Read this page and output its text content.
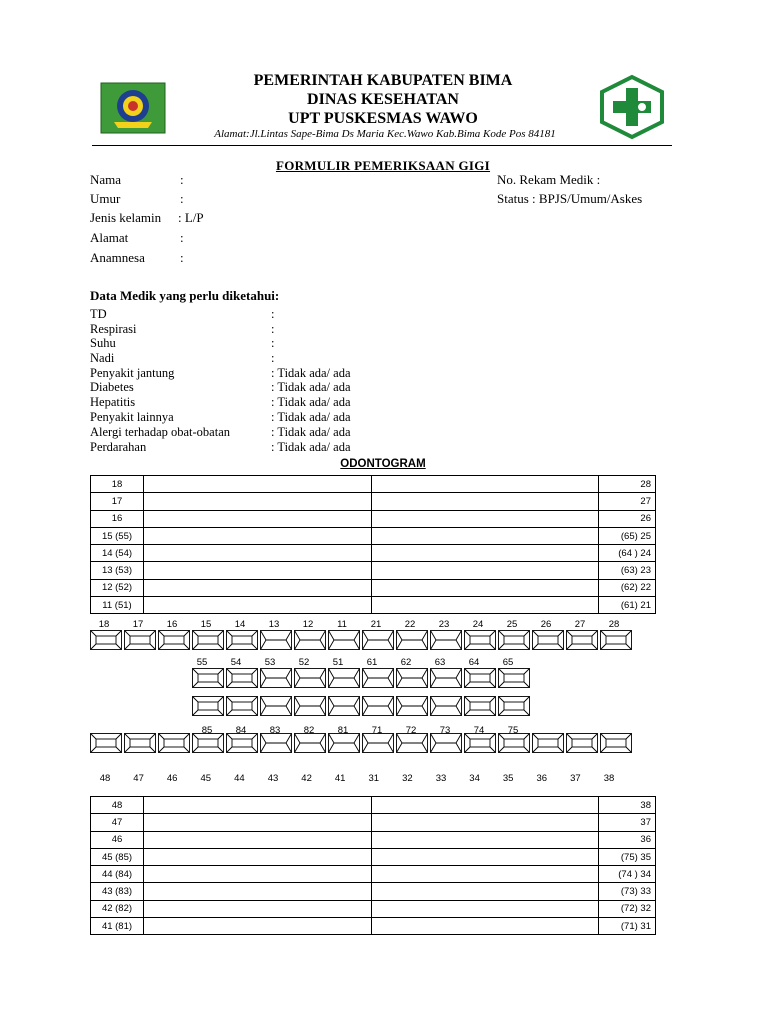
PEMERINTAH KABUPATEN BIMA
DINAS KESEHATAN
UPT PUSKESMAS WAWO
Alamat:Jl.Lintas Sape-Bima Ds Maria Kec.Wawo Kab.Bima Kode Pos 84181
FORMULIR PEMERIKSAAN GIGI
Nama	:
Umur	:
Jenis kelamin : L/P
Alamat	:
Anamnesa	:
No. Rekam Medik :
Status : BPJS/Umum/Askes
Data Medik yang perlu diketahui:
TD	:
Respirasi	:
Suhu	:
Nadi	:
Penyakit jantung	: Tidak ada/ ada
Diabetes	: Tidak ada/ ada
Hepatitis	: Tidak ada/ ada
Penyakit lainnya	: Tidak ada/ ada
Alergi terhadap obat-obatan	: Tidak ada/ ada
Perdarahan	: Tidak ada/ ada
ODONTOGRAM
18			28
17			27
16			26
15 (55)			(65) 25
14 (54)			(64 ) 24
13 (53)			(63) 23
12 (52)			(62) 22
11 (51)			(61) 21
18	17	16	15	14	13	12	11	21	22	23	24	25	26	27	28
55	54	53	52	51	61	62	63	64	65
85	84	83	82	81	71	72	73	74	75
48	47	46	45	44	43	42	41	31	32	33	34	35	36	37	38
48			38
47			37
46			36
45 (85)			(75) 35
44 (84)			(74 ) 34
43 (83)			(73) 33
42 (82)			(72) 32
41 (81)			(71) 31
